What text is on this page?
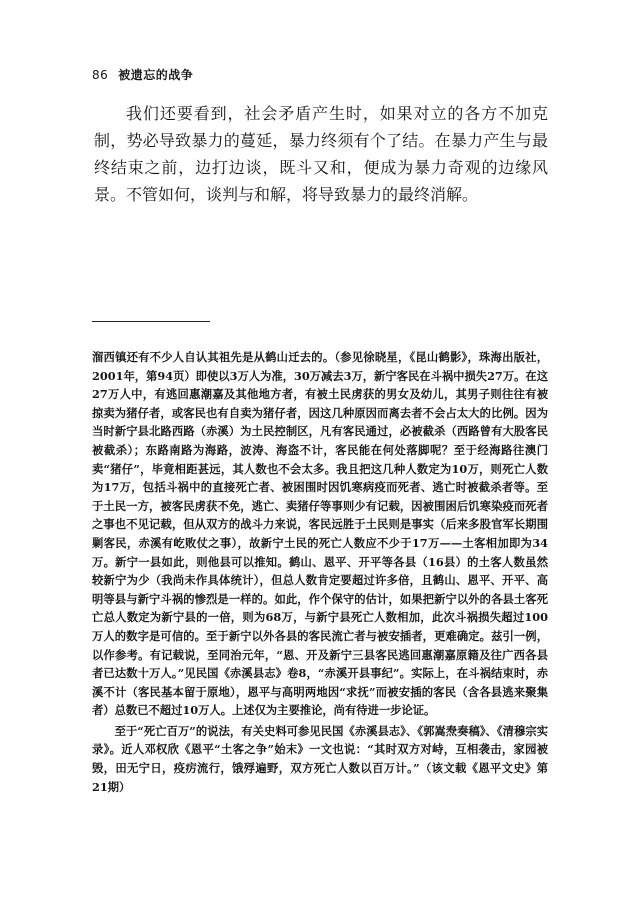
86 被遗忘的战争

我们还要看到，社会矛盾产生时，如果对立的各方不加克制，势必导致暴力的蔓延，暴力终须有个了结。在暴力产生与最终结束之前，边打边谈，既斗又和，便成为暴力奇观的边缘风景。不管如何，谈判与和解，将导致暴力的最终消解。

溜西镇还有不少人自认其祖先是从鹤山迁去的。（参见徐晓星，《昆山鹤影》，珠海出版社，2001年，第94页）即使以3万人为准，30万减去3万，新宁客民在斗祸中损失27万。在这27万人中，有逃回惠潮嘉及其他地方者，有被土民虏获的男女及幼儿，其男子则往往有被掠卖为猪仔者，或客民也有自卖为猪仔者，因这几种原因而离去者不会占太大的比例。因为当时新宁县北路西路（赤溪）为土民控制区，凡有客民通过，必被截杀（西路曾有大股客民被截杀）；东路南路为海路，波涛、海盗不计，客民能在何处落脚呢？至于经海路往澳门卖“猪仔”，毕竟相距甚远，其人数也不会太多。我且把这几种人数定为10万，则死亡人数为17万，包括斗祸中的直接死亡者、被困围时因饥寒病疫而死者、逃亡时被截杀者等。至于土民一方，被客民虏获不免，逃亡、卖猪仔等事则少有记载，因被围困后饥寒染疫而死者之事也不见记载，但从双方的战斗力来说，客民远胜于土民则是事实（后来多股官军长期围剿客民，赤溪有屹败仗之事），故新宁土民的死亡人数应不少于17万——土客相加即为34万。新宁一县如此，则他县可以推知。鹤山、恩平、开平等各县（16县）的土客人数虽然较新宁为少（我尚未作具体统计），但总人数肯定要超过许多倍，且鹤山、恩平、开平、高明等县与新宁斗祸的惨烈是一样的。如此，作个保守的估计，如果把新宁以外的各县土客死亡总人数定为新宁县的一倍，则为68万，与新宁县死亡人数相加，此次斗祸损失超过100万人的数字是可信的。至于新宁以外各县的客民流亡者与被安插者，更难确定。兹引一例，以作参考。有记载说，至同治元年，“恩、开及新宁三县客民逃回惠潮嘉原籍及往广西各县者已达数十万人。”见民国《赤溪县志》卷8，“赤溪开县事纪”。实际上，在斗祸结束时，赤溪不计（客民基本留于原地），恩平与高明两地因“求抚”而被安插的客民（含各县逃来聚集者）总数已不超过10万人。上述仅为主要推论，尚有待进一步论证。

至于“死亡百万”的说法，有关史料可参见民国《赤溪县志》、《郭嵩焘奏稿》、《清穆宗实录》。近人邓权欣《恩平“土客之争”始末》一文也说：“其时双方对峙，互相袭击，家园被毁，田无宁日，疫疠流行，饿殍遍野，双方死亡人数以百万计。”（该文载《恩平文史》第21期）
